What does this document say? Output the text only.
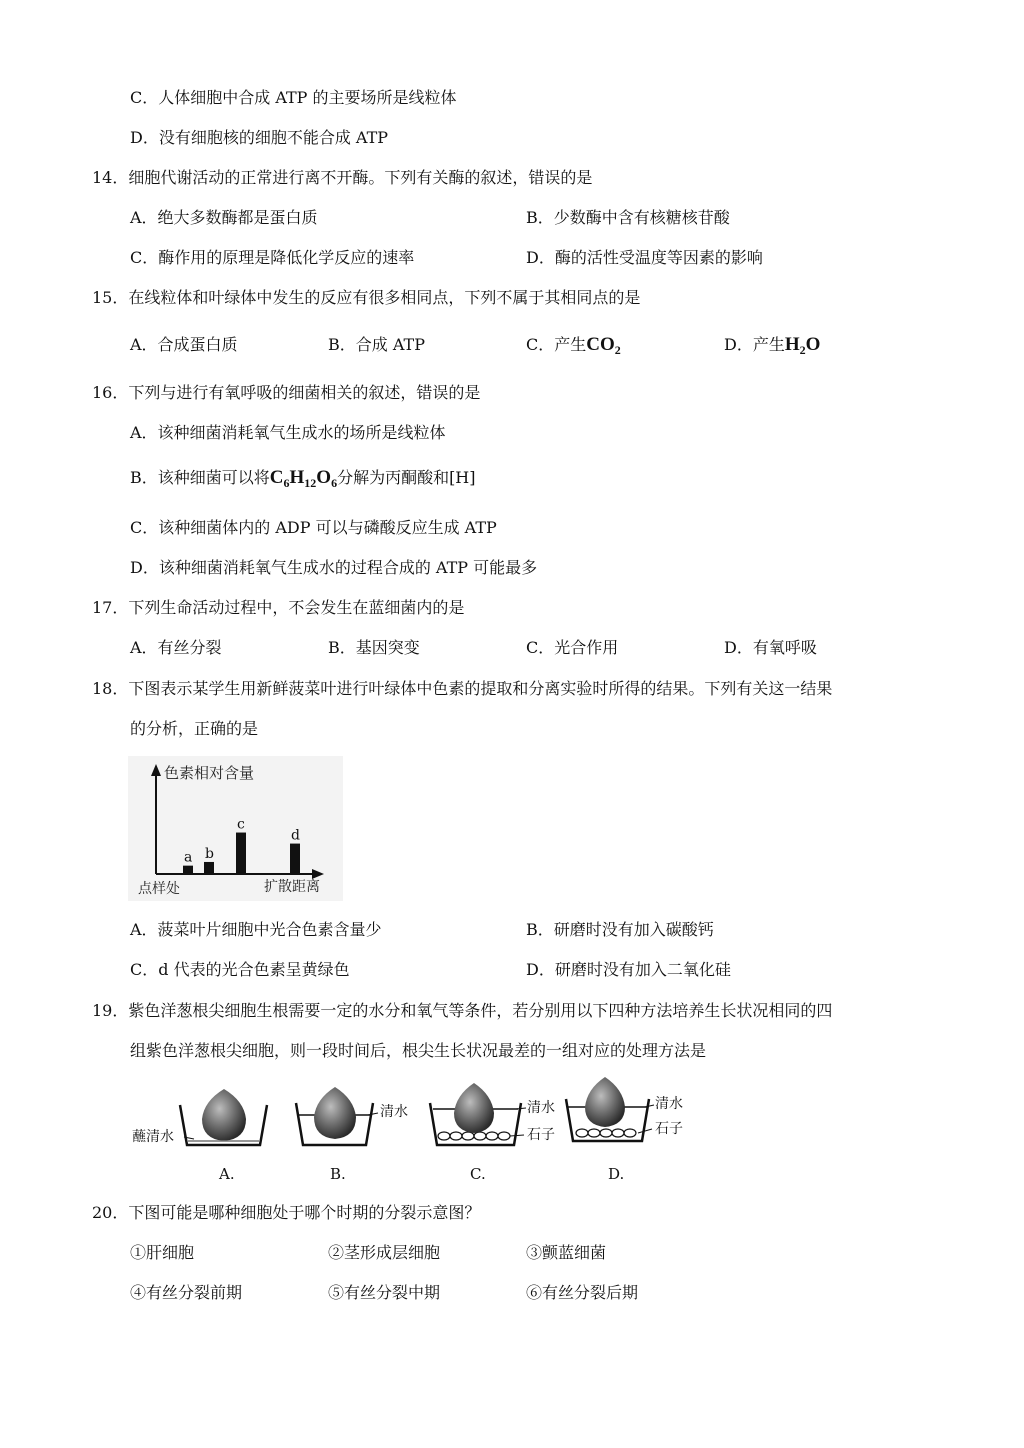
C．人体细胞中合成 ATP 的主要场所是线粒体
D．没有细胞核的细胞不能合成 ATP
14．细胞代谢活动的正常进行离不开酶。下列有关酶的叙述，错误的是
A．绝大多数酶都是蛋白质	B．少数酶中含有核糖核苷酸
C．酶作用的原理是降低化学反应的速率	D．酶的活性受温度等因素的影响
15．在线粒体和叶绿体中发生的反应有很多相同点，下列不属于其相同点的是
A．合成蛋白质	B．合成 ATP	C．产生$CO_2$	D．产生$H_2O$
16．下列与进行有氧呼吸的细菌相关的叙述，错误的是
A．该种细菌消耗氧气生成水的场所是线粒体
B．该种细菌可以将$C_6H_{12}O_6$分解为丙酮酸和[H]
C．该种细菌体内的 ADP 可以与磷酸反应生成 ATP
D．该种细菌消耗氧气生成水的过程合成的 ATP 可能最多
17．下列生命活动过程中，不会发生在蓝细菌内的是
A．有丝分裂	B．基因突变	C．光合作用	D．有氧呼吸
18．下图表示某学生用新鲜菠菜叶进行叶绿体中色素的提取和分离实验时所得的结果。下列有关这一结果
的分析，正确的是
色素相对含量
点样处	扩散距离
a b
c
d
A．菠菜叶片细胞中光合色素含量少	B．研磨时没有加入碳酸钙
C．d 代表的光合色素呈黄绿色	D．研磨时没有加入二氧化硅
19．紫色洋葱根尖细胞生根需要一定的水分和氧气等条件，若分别用以下四种方法培养生长状况相同的四
组紫色洋葱根尖细胞，则一段时间后，根尖生长状况最差的一组对应的处理方法是
蘸清水
A.
清水
B.
清水
石子
C.
清水
石子
D.
20．下图可能是哪种细胞处于哪个时期的分裂示意图？
①肝细胞	②茎形成层细胞	③颤蓝细菌
④有丝分裂前期	⑤有丝分裂中期	⑥有丝分裂后期
